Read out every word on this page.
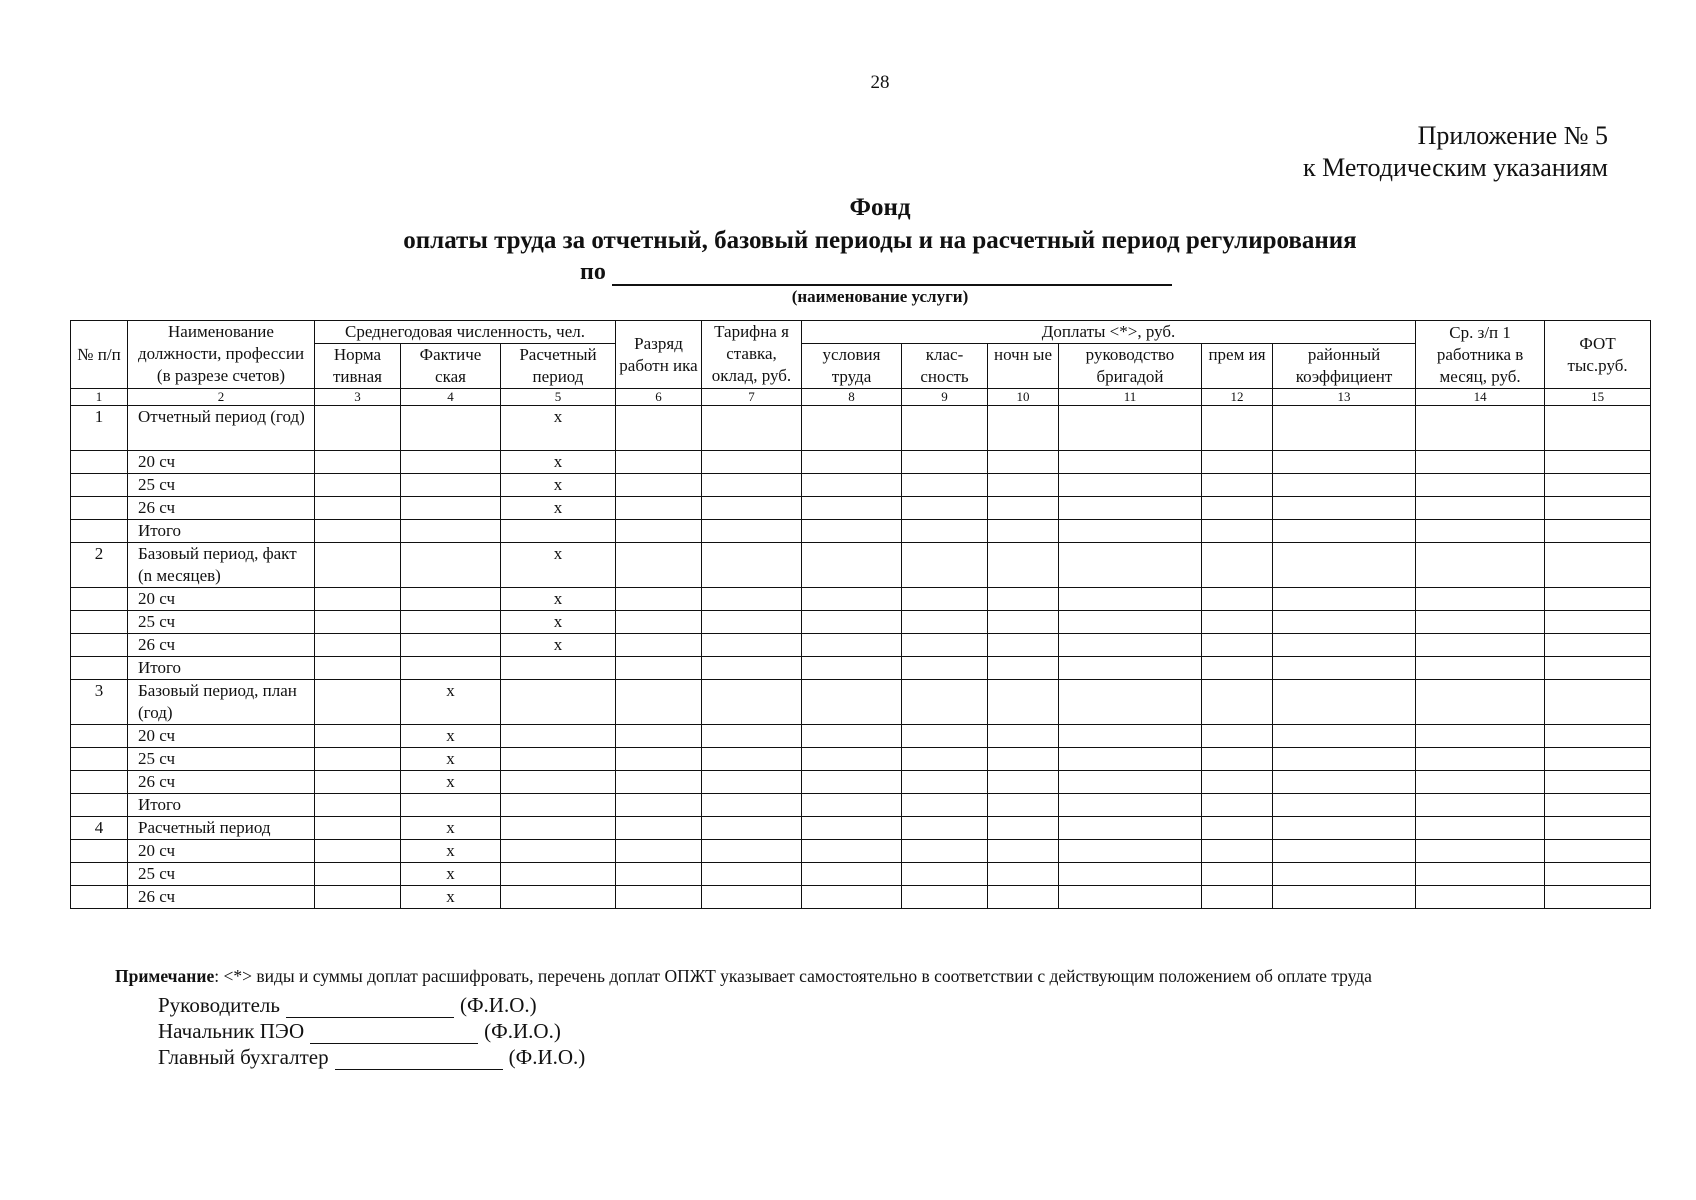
28
Приложение № 5
к Методическим указаниям
Фонд
оплаты труда за отчетный, базовый периоды и на расчетный период регулирования
по
(наименование услуги)
№ п/п	Наименование должности, профессии (в разрезе счетов)	Среднегодовая численность, чел.			Разряд работн ика	Тарифна я ставка, оклад, руб.	Доплаты <*>, руб.						Ср. з/п 1 работника в месяц, руб.	ФОТ тыс.руб.
		Норма тивная	Фактиче ская	Расчетный период			условия труда	клас- сность	ночн ые	руководство бригадой	прем ия	районный коэффициент		
1	2	3	4	5	6	7	8	9	10	11	12	13	14	15
1	Отчетный период (год)			x										
	20 сч			x										
	25 сч			x										
	26 сч			x										
	Итого													
2	Базовый период, факт (n месяцев)			x										
	20 сч			x										
	25 сч			x										
	26 сч			x										
	Итого													
3	Базовый период, план (год)		x											
	20 сч		x											
	25 сч		x											
	26 сч		x											
	Итого													
4	Расчетный период		x											
	20 сч		x											
	25 сч		x											
	26 сч		x											
Примечание: <*> виды и суммы доплат расшифровать, перечень доплат ОПЖТ указывает самостоятельно в соответствии с действующим положением об оплате труда
Руководитель	(Ф.И.О.)
Начальник ПЭО	(Ф.И.О.)
Главный бухгалтер	(Ф.И.О.)
